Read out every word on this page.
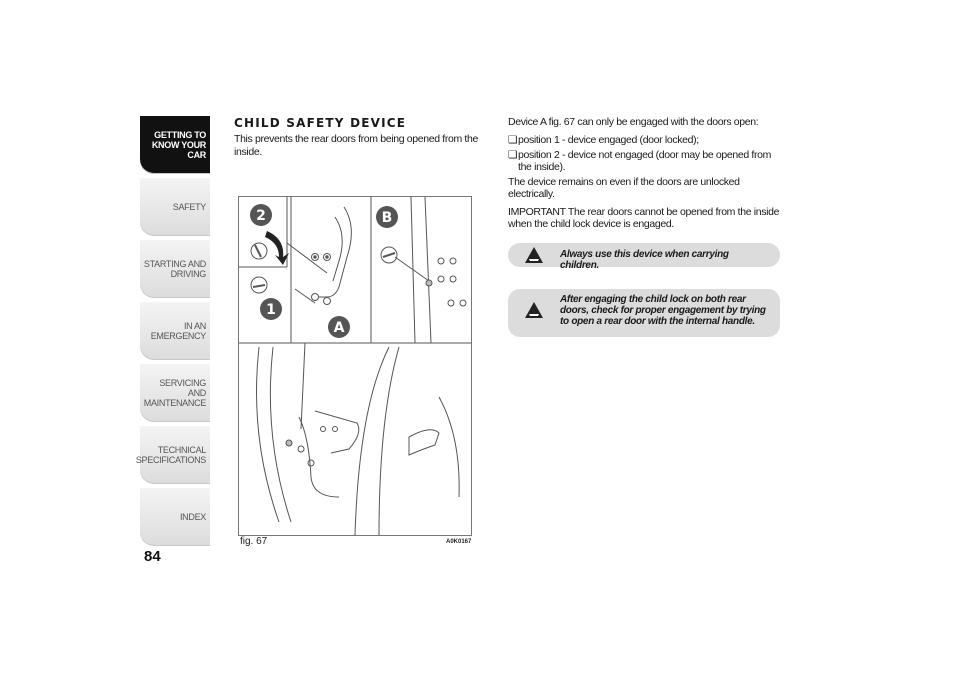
GETTING TO
KNOW YOUR CAR
SAFETY
STARTING AND
DRIVING
IN AN EMERGENCY
SERVICING AND
MAINTENANCE
TECHNICAL
SPECIFICATIONS
INDEX
84
CHILD SAFETY DEVICE
This prevents the rear doors from being opened from the inside.
2	B
1
A
fig. 67	A0K0167

Device A fig. 67 can only be engaged with the doors open:

❏ position 1 - device engaged (door locked);
❏ position 2 - device not engaged (door may be opened from the inside).

The device remains on even if the doors are unlocked electrically.

IMPORTANT The rear doors cannot be opened from the inside when the child lock device is engaged.

Always use this device when carrying children.
After engaging the child lock on both rear doors, check for proper engagement by trying to open a rear door with the internal handle.
